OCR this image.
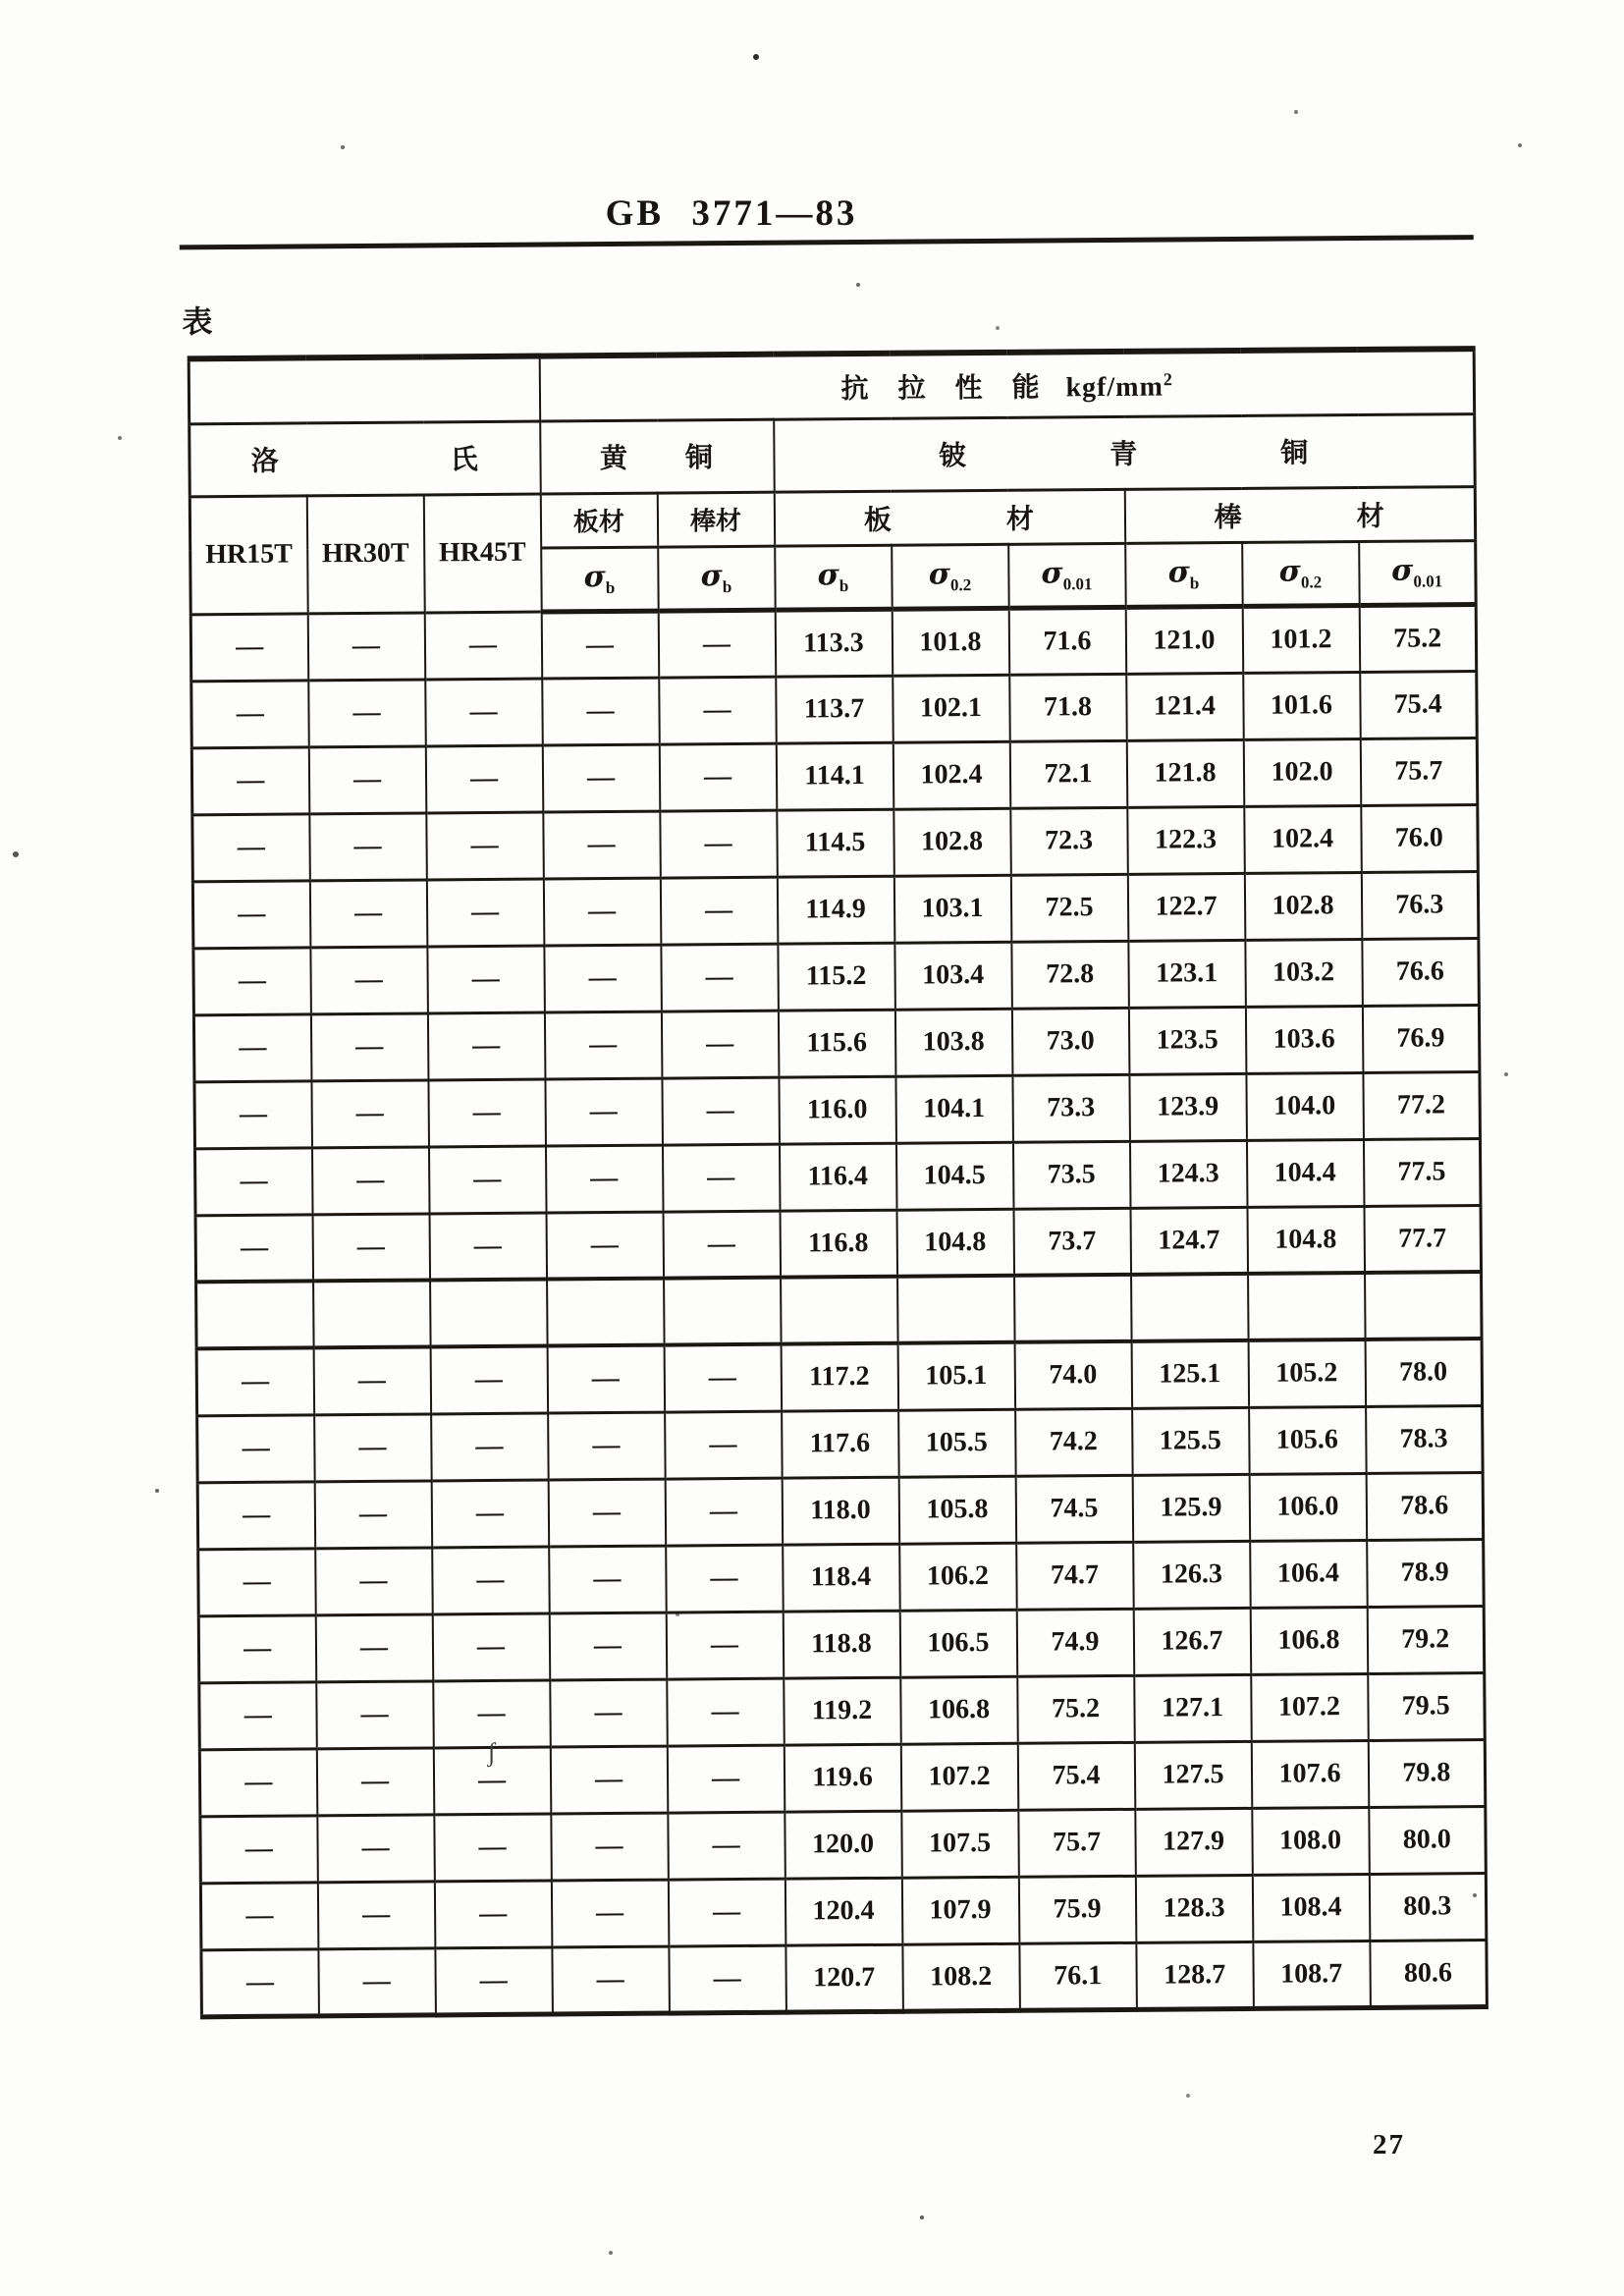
GB 3771—83
表
			抗　拉　性　能 kgf/$mm^2$
洛　　　　　　氏			黄　　铜		铍　　　　　青　　　　　铜					
HR15T	HR30T	HR45T	板材	棒材	板　　　　材			棒　　　　材		
			$\sigma_b$	$\sigma_b$	$\sigma_b$	$\sigma_{0.2}$	$\sigma_{0.01}$	$\sigma_b$	$\sigma_{0.2}$	$\sigma_{0.01}$
—	—	—	—	—	113.3	101.8	71.6	121.0	101.2	75.2
—	—	—	—	—	113.7	102.1	71.8	121.4	101.6	75.4
—	—	—	—	—	114.1	102.4	72.1	121.8	102.0	75.7
—	—	—	—	—	114.5	102.8	72.3	122.3	102.4	76.0
—	—	—	—	—	114.9	103.1	72.5	122.7	102.8	76.3
—	—	—	—	—	115.2	103.4	72.8	123.1	103.2	76.6
—	—	—	—	—	115.6	103.8	73.0	123.5	103.6	76.9
—	—	—	—	—	116.0	104.1	73.3	123.9	104.0	77.2
—	—	—	—	—	116.4	104.5	73.5	124.3	104.4	77.5
—	—	—	—	—	116.8	104.8	73.7	124.7	104.8	77.7

—	—	—	—	—	117.2	105.1	74.0	125.1	105.2	78.0
—	—	—	—	—	117.6	105.5	74.2	125.5	105.6	78.3
—	—	—	—	—	118.0	105.8	74.5	125.9	106.0	78.6
—	—	—	—	—	118.4	106.2	74.7	126.3	106.4	78.9
—	—	—	—	—	118.8	106.5	74.9	126.7	106.8	79.2
—	—	—	—	—	119.2	106.8	75.2	127.1	107.2	79.5
—	—	—	—	—	119.6	107.2	75.4	127.5	107.6	79.8
—	—	—	—	—	120.0	107.5	75.7	127.9	108.0	80.0
—	—	—	—	—	120.4	107.9	75.9	128.3	108.4	80.3
—	—	—	—	—	120.7	108.2	76.1	128.7	108.7	80.6
ʃ
27
